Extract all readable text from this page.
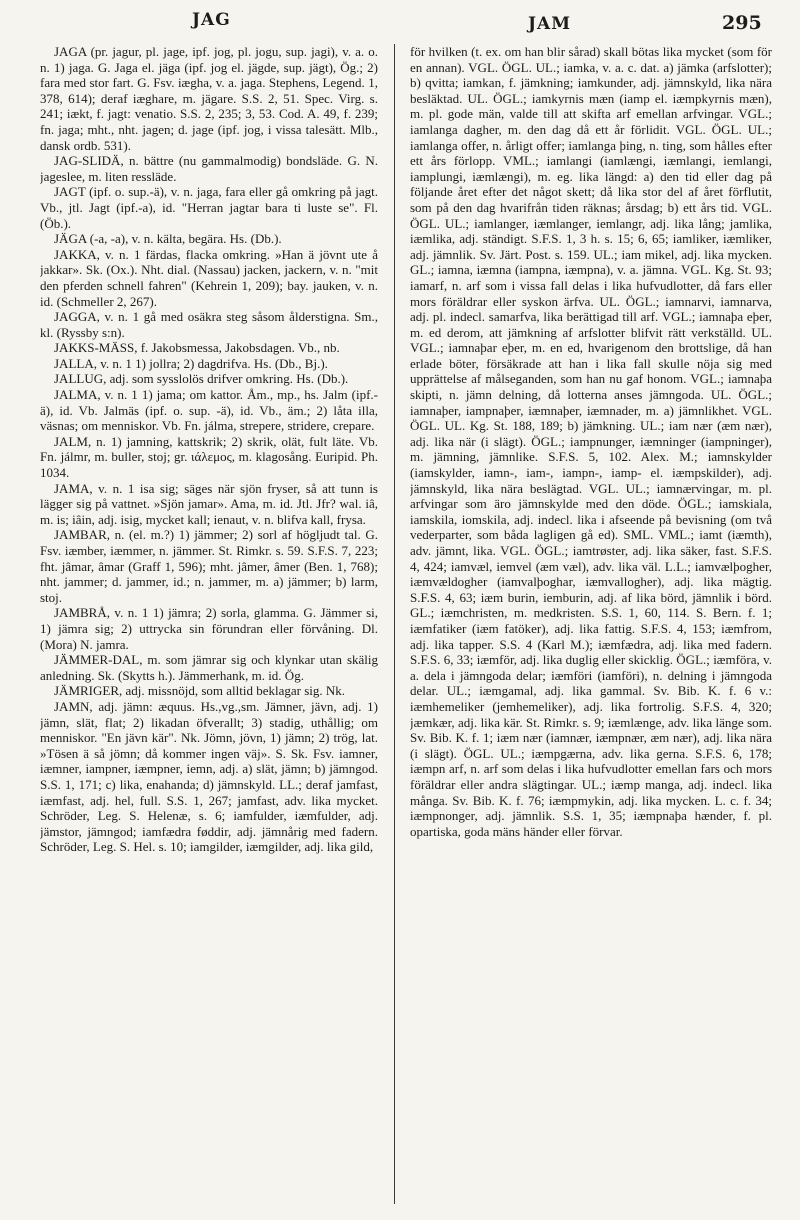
JAG	JAM	295

JAGA (pr. jagur, pl. jage, ipf. jog, pl. jogu, sup. jagi), v. a. o. n. 1) jaga. G. Jaga el. jäga (ipf. jog el. jägde, sup. jägt), Ög.; 2) fara med stor fart. G. Fsv. iægha, v. a. jaga. Stephens, Legend. 1, 378, 614); deraf iæghare, m. jägare. S.S. 2, 51. Spec. Virg. s. 241; iækt, f. jagt: venatio. S.S. 2, 235; 3, 53. Cod. A. 49, f. 239; fn. jaga; mht., nht. jagen; d. jage (ipf. jog, i vissa talesätt. Mlb., dansk ordb. 531).

JAG-SLIDÄ, n. bättre (nu gammalmodig) bondsläde. G. N. jageslee, m. liten ressläde.

JAGT (ipf. o. sup.-ä), v. n. jaga, fara eller gå omkring på jagt. Vb., jtl. Jagt (ipf.-a), id. "Herran jagtar bara ti luste se". Fl. (Öb.).

JÄGA (-a, -a), v. n. kälta, begära. Hs. (Db.).

JAKKA, v. n. 1 färdas, flacka omkring. »Han ä jövnt ute å jakkar». Sk. (Ox.). Nht. dial. (Nassau) jacken, jackern, v. n. "mit den pferden schnell fahren" (Kehrein 1, 209); bay. jauken, v. n. id. (Schmeller 2, 267).

JAGGA, v. n. 1 gå med osäkra steg såsom ålderstigna. Sm., kl. (Ryssby s:n).

JAKKS-MÄSS, f. Jakobsmessa, Jakobsdagen. Vb., nb.

JALLA, v. n. 1 1) jollra; 2) dagdrifva. Hs. (Db., Bj.).

JALLUG, adj. som sysslolös drifver omkring. Hs. (Db.).

JALMA, v. n. 1 1) jama; om kattor. Åm., mp., hs. Jalm (ipf.-ä), id. Vb. Jalmäs (ipf. o. sup. -ä), id. Vb., äm.; 2) låta illa, väsnas; om menniskor. Vb. Fn. jálma, strepere, stridere, crepare.

JALM, n. 1) jamning, kattskrik; 2) skrik, olät, fult läte. Vb. Fn. jálmr, m. buller, stoj; gr. ιάλεμος, m. klagosång. Euripid. Ph. 1034.

JAMA, v. n. 1 isa sig; säges när sjön fryser, så att tunn is lägger sig på vattnet. »Sjön jamar». Ama, m. id. Jtl. Jfr? wal. iâ, m. is; iâin, adj. isig, mycket kall; ienaut, v. n. blifva kall, frysa.

JAMBAR, n. (el. m.?) 1) jämmer; 2) sorl af högljudt tal. G. Fsv. iæmber, iæmmer, n. jämmer. St. Rimkr. s. 59. S.F.S. 7, 223; fht. jâmar, âmar (Graff 1, 596); mht. jâmer, âmer (Ben. 1, 768); nht. jammer; d. jammer, id.; n. jammer, m. a) jämmer; b) larm, stoj.

JAMBRÅ, v. n. 1 1) jämra; 2) sorla, glamma. G. Jämmer si, 1) jämra sig; 2) uttrycka sin förundran eller förvåning. Dl. (Mora) N. jamra.

JÄMMER-DAL, m. som jämrar sig och klynkar utan skälig anledning. Sk. (Skytts h.). Jämmerhank, m. id. Ög.

JÄMRIGER, adj. missnöjd, som alltid beklagar sig. Nk.

JAMN, adj. jämn: æquus. Hs.,vg.,sm. Jämner, jävn, adj. 1) jämn, slät, flat; 2) likadan öfverallt; 3) stadig, uthållig; om menniskor. "En jävn kär". Nk. Jömn, jövn, 1) jämn; 2) trög, lat. »Tösen ä så jömn; då kommer ingen väj». S. Sk. Fsv. iamner, iæmner, iampner, iæmpner, iemn, adj. a) slät, jämn; b) jämngod. S.S. 1, 171; c) lika, enahanda; d) jämnskyld. LL.; deraf jamfast, iæmfast, adj. hel, full. S.S. 1, 267; jamfast, adv. lika mycket. Schröder, Leg. S. Helenæ, s. 6; iamfulder, iæmfulder, adj. jämstor, jämngod; iamfædra føddir, adj. jämnårig med fadern. Schröder, Leg. S. Hel. s. 10; iamgilder, iæmgilder, adj. lika gild,

för hvilken (t. ex. om han blir sårad) skall bötas lika mycket (som för en annan). VGL. ÖGL. UL.; iamka, v. a. c. dat. a) jämka (arfslotter); b) qvitta; iamkan, f. jämkning; iamkunder, adj. jämnskyld, lika nära besläktad. UL. ÖGL.; iamkyrnis mæn (iamp el. iæmpkyrnis mæn), m. pl. gode män, valde till att skifta arf emellan arfvingar. VGL.; iamlanga dagher, m. den dag då ett år förlidit. VGL. ÖGL. UL.; iamlanga offer, n. årligt offer; iamlanga þing, n. ting, som hålles efter ett års förlopp. VML.; iamlangi (iamlængi, iæmlangi, iemlangi, iamplungi, iæmlængi), m. eg. lika längd: a) den tid eller dag på följande året efter det något skett; då lika stor del af året förflutit, som på den dag hvarifrån tiden räknas; årsdag; b) ett års tid. VGL. ÖGL. UL.; iamlanger, iæmlanger, iemlangr, adj. lika lång; jamlika, iæmlika, adj. ständigt. S.F.S. 1, 3 h. s. 15; 6, 65; iamliker, iæmliker, adj. jämnlik. Sv. Järt. Post. s. 159. UL.; iam mikel, adj. lika mycken. GL.; iamna, iæmna (iampna, iæmpna), v. a. jämna. VGL. Kg. St. 93; iamarf, n. arf som i vissa fall delas i lika hufvudlotter, då fars eller mors föräldrar eller syskon ärfva. UL. ÖGL.; iamnarvi, iamnarva, adj. pl. indecl. samarfva, lika berättigad till arf. VGL.; iamnaþa eþer, m. ed derom, att jämkning af arfslotter blifvit rätt verkställd. UL. VGL.; iamnaþar eþer, m. en ed, hvarigenom den brottslige, då han erlade böter, försäkrade att han i lika fall skulle nöja sig med upprättelse af målseganden, som han nu gaf honom. VGL.; iamnaþa skipti, n. jämn delning, då lotterna anses jämngoda. UL. ÖGL.; iamnaþer, iampnaþer, iæmnaþer, iæmnader, m. a) jämnlikhet. VGL. ÖGL. UL. Kg. St. 188, 189; b) jämkning. UL.; iam nær (æm nær), adj. lika när (i slägt). ÖGL.; iampnunger, iæmninger (iampninger), m. jämning, jämnlike. S.F.S. 5, 102. Alex. M.; iamnskylder (iamskylder, iamn-, iam-, iampn-, iamp- el. iæmpskilder), adj. jämnskyld, lika nära beslägtad. VGL. UL.; iamnærvingar, m. pl. arfvingar som äro jämnskylde med den döde. ÖGL.; iamskiala, iamskila, iomskila, adj. indecl. lika i afseende på bevisning (om två vederparter, som båda lagligen gå ed). SML. VML.; iamt (iæmth), adv. jämnt, lika. VGL. ÖGL.; iamtrøster, adj. lika säker, fast. S.F.S. 4, 424; iamvæl, iemvel (æm væl), adv. lika väl. L.L.; iamvælþogher, iæmvældogher (iamvalþoghar, iæmvallogher), adj. lika mägtig. S.F.S. 4, 63; iæm burin, iemburin, adj. af lika börd, jämnlik i börd. GL.; iæmchristen, m. medkristen. S.S. 1, 60, 114. S. Bern. f. 1; iæmfatiker (iæm fatöker), adj. lika fattig. S.F.S. 4, 153; iæmfrom, adj. lika tapper. S.S. 4 (Karl M.); iæmfædra, adj. lika med fadern. S.F.S. 6, 33; iæmför, adj. lika duglig eller skicklig. ÖGL.; iæmföra, v. a. dela i jämngoda delar; iæmföri (iamföri), n. delning i jämngoda delar. UL.; iæmgamal, adj. lika gammal. Sv. Bib. K. f. 6 v.: iæmhemeliker (jemhemeliker), adj. lika fortrolig. S.F.S. 4, 320; jæmkær, adj. lika kär. St. Rimkr. s. 9; iæmlænge, adv. lika länge som. Sv. Bib. K. f. 1; iæm nær (iamnær, iæmpnær, æm nær), adj. lika nära (i slägt). ÖGL. UL.; iæmpgærna, adv. lika gerna. S.F.S. 6, 178; iæmpn arf, n. arf som delas i lika hufvudlotter emellan fars och mors föräldrar eller andra slägtingar. UL.; iæmp manga, adj. indecl. lika många. Sv. Bib. K. f. 76; iæmpmykin, adj. lika mycken. L. c. f. 34; iæmpnonger, adj. jämnlik. S.S. 1, 35; iæmpnaþa hænder, f. pl. opartiska, goda mäns händer eller förvar.
